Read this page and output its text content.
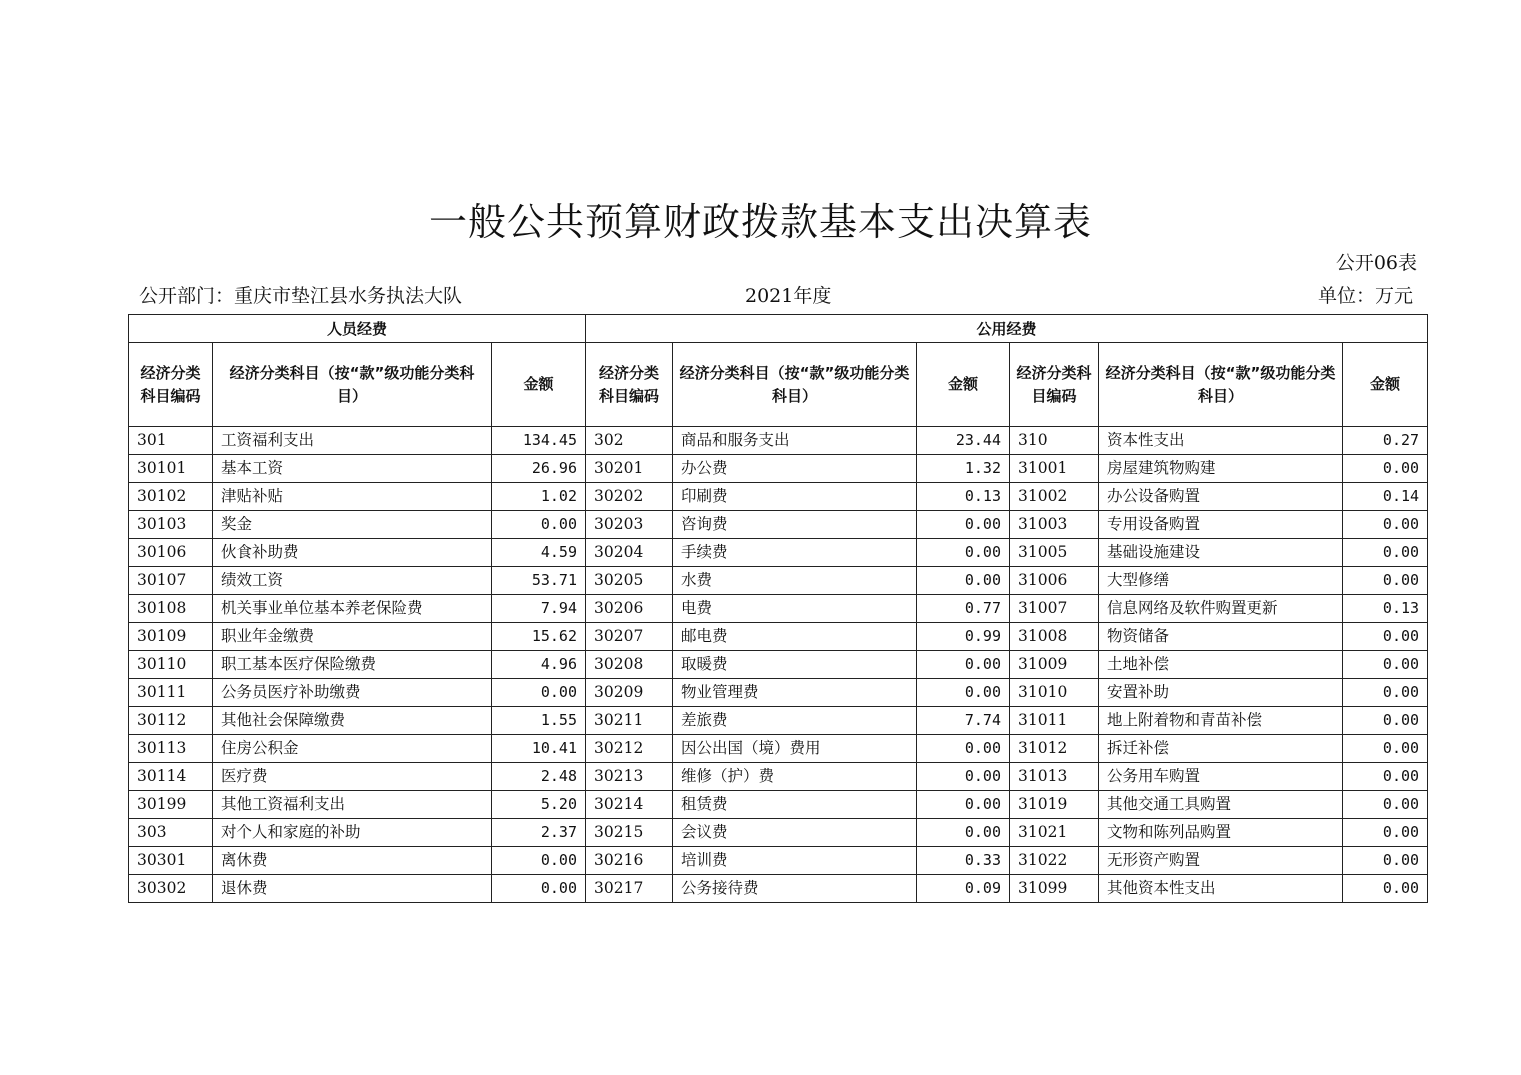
一般公共预算财政拨款基本支出决算表
公开06表
公开部门：重庆市垫江县水务执法大队	2021年度	单位：万元
人员经费			公用经费					
经济分类科目编码	经济分类科目（按“款”级功能分类科目）	金额	经济分类科目编码	经济分类科目（按“款”级功能分类科目）	金额	经济分类科目编码	经济分类科目（按“款”级功能分类科目）	金额
301	工资福利支出	134.45	302	商品和服务支出	23.44	310	资本性支出	0.27
30101	基本工资	26.96	30201	办公费	1.32	31001	房屋建筑物购建	0.00
30102	津贴补贴	1.02	30202	印刷费	0.13	31002	办公设备购置	0.14
30103	奖金	0.00	30203	咨询费	0.00	31003	专用设备购置	0.00
30106	伙食补助费	4.59	30204	手续费	0.00	31005	基础设施建设	0.00
30107	绩效工资	53.71	30205	水费	0.00	31006	大型修缮	0.00
30108	机关事业单位基本养老保险费	7.94	30206	电费	0.77	31007	信息网络及软件购置更新	0.13
30109	职业年金缴费	15.62	30207	邮电费	0.99	31008	物资储备	0.00
30110	职工基本医疗保险缴费	4.96	30208	取暖费	0.00	31009	土地补偿	0.00
30111	公务员医疗补助缴费	0.00	30209	物业管理费	0.00	31010	安置补助	0.00
30112	其他社会保障缴费	1.55	30211	差旅费	7.74	31011	地上附着物和青苗补偿	0.00
30113	住房公积金	10.41	30212	因公出国（境）费用	0.00	31012	拆迁补偿	0.00
30114	医疗费	2.48	30213	维修（护）费	0.00	31013	公务用车购置	0.00
30199	其他工资福利支出	5.20	30214	租赁费	0.00	31019	其他交通工具购置	0.00
303	对个人和家庭的补助	2.37	30215	会议费	0.00	31021	文物和陈列品购置	0.00
30301	离休费	0.00	30216	培训费	0.33	31022	无形资产购置	0.00
30302	退休费	0.00	30217	公务接待费	0.09	31099	其他资本性支出	0.00
